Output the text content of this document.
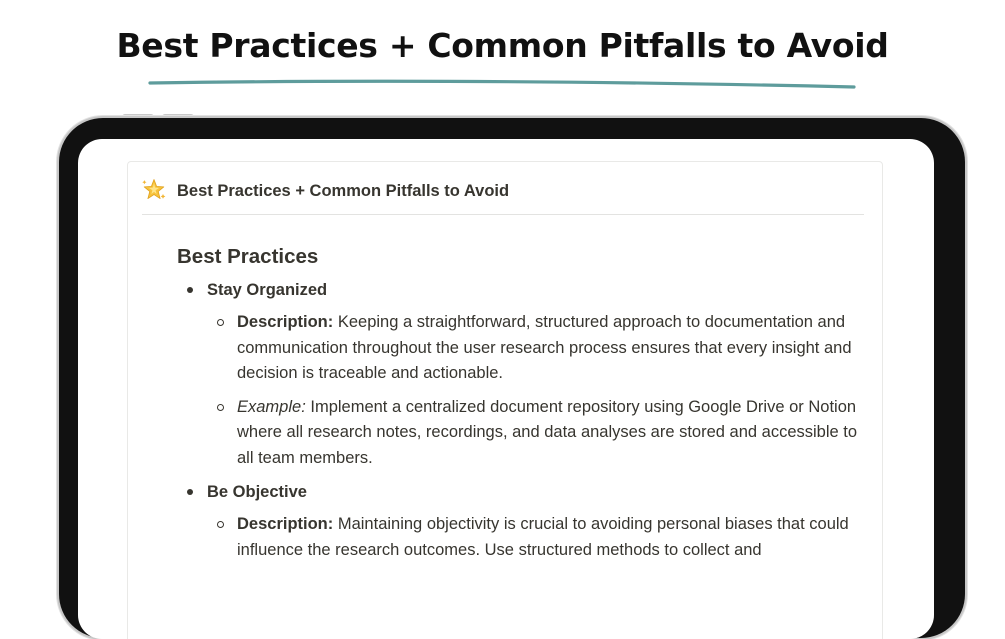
Best Practices + Common Pitfalls to Avoid
Best Practices + Common Pitfalls to Avoid
Best Practices
Stay Organized
Description: Keeping a straightforward, structured approach to documentation and communication throughout the user research process ensures that every insight and decision is traceable and actionable.
Example: Implement a centralized document repository using Google Drive or Notion where all research notes, recordings, and data analyses are stored and accessible to all team members.
Be Objective
Description: Maintaining objectivity is crucial to avoiding personal biases that could influence the research outcomes. Use structured methods to collect and
